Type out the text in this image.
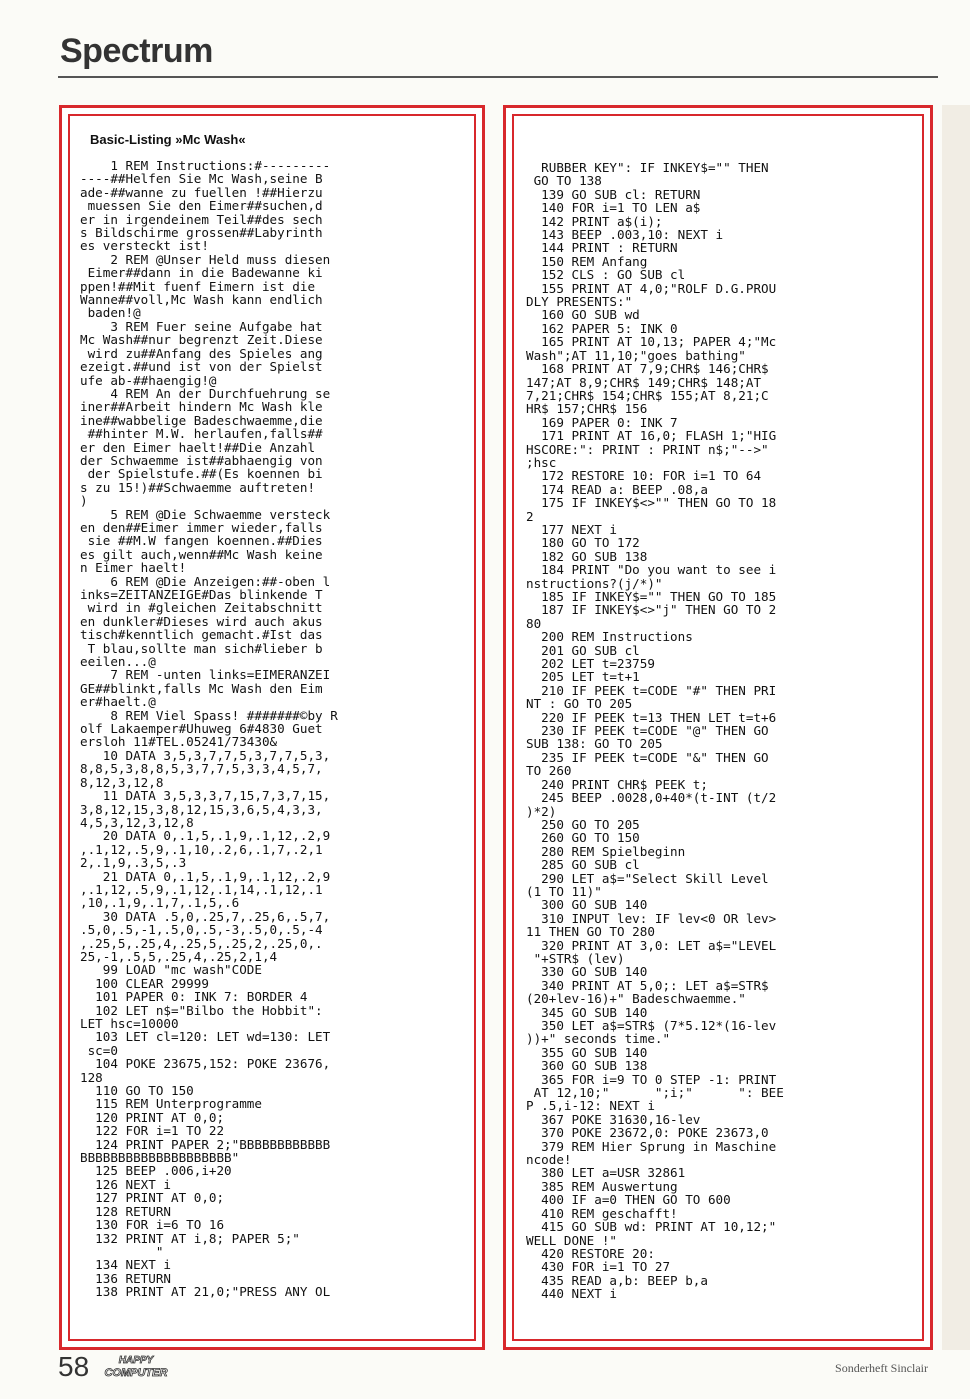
Spectrum
Basic-Listing »Mc Wash«
1 REM Instructions:#---------
----##Helfen Sie Mc Wash,seine B
ade-##wanne zu fuellen !##Hierzu
muessen Sie den Eimer##suchen,d
er in irgendeinem Teil##des sech
s Bildschirme grossen##Labyrinth
es versteckt ist!
2 REM @Unser Held muss diesen
Eimer##dann in die Badewanne ki
ppen!##Mit fuenf Eimern ist die
Wanne##voll,Mc Wash kann endlich
baden!@
3 REM Fuer seine Aufgabe hat
Mc Wash##nur begrenzt Zeit.Diese
wird zu##Anfang des Spieles ang
ezeigt.##und ist von der Spielst
ufe ab-##haengig!@
4 REM An der Durchfuehrung se
iner##Arbeit hindern Mc Wash kle
ine##wabbelige Badeschwaemme,die
##hinter M.W. herlaufen,falls##
er den Eimer haelt!##Die Anzahl
der Schwaemme ist##abhaengig von
der Spielstufe.##(Es koennen bi
s zu 15!)##Schwaemme auftreten!
)
5 REM @Die Schwaemme versteck
en den##Eimer immer wieder,falls
sie ##M.W fangen koennen.##Dies
es gilt auch,wenn##Mc Wash keine
n Eimer haelt!
6 REM @Die Anzeigen:##-oben l
inks=ZEITANZEIGE#Das blinkende T
wird in #gleichen Zeitabschnitt
en dunkler#Dieses wird auch akus
tisch#kenntlich gemacht.#Ist das
T blau,sollte man sich#lieber b
eeilen...@
7 REM -unten links=EIMERANZEI
GE##blinkt,falls Mc Wash den Eim
er#haelt.@
8 REM Viel Spass! #######©by R
olf Lakaemper#Uhuweg 6#4830 Guet
ersloh 11#TEL.05241/73430&
10 DATA 3,5,3,7,7,5,3,7,7,5,3,
8,8,5,3,8,8,5,3,7,7,5,3,3,4,5,7,
8,12,3,12,8
11 DATA 3,5,3,3,7,15,7,3,7,15,
3,8,12,15,3,8,12,15,3,6,5,4,3,3,
4,5,3,12,3,12,8
20 DATA 0,.1,5,.1,9,.1,12,.2,9
,.1,12,.5,9,.1,10,.2,6,.1,7,.2,1
2,.1,9,.3,5,.3
21 DATA 0,.1,5,.1,9,.1,12,.2,9
,.1,12,.5,9,.1,12,.1,14,.1,12,.1
,10,.1,9,.1,7,.1,5,.6
30 DATA .5,0,.25,7,.25,6,.5,7,
.5,0,.5,-1,.5,0,.5,-3,.5,0,.5,-4
,.25,5,.25,4,.25,5,.25,2,.25,0,.
25,-1,.5,5,.25,4,.25,2,1,4
99 LOAD "mc wash"CODE
100 CLEAR 29999
101 PAPER 0: INK 7: BORDER 4
102 LET n$="Bilbo the Hobbit":
LET hsc=10000
103 LET cl=120: LET wd=130: LET
sc=0
104 POKE 23675,152: POKE 23676,
128
110 GO TO 150
115 REM Unterprogramme
120 PRINT AT 0,0;
122 FOR i=1 TO 22
124 PRINT PAPER 2;"BBBBBBBBBBBB
BBBBBBBBBBBBBBBBBBBB"
125 BEEP .006,i+20
126 NEXT i
127 PRINT AT 0,0;
128 RETURN
130 FOR i=6 TO 16
132 PRINT AT i,8; PAPER 5;"
"
134 NEXT i
136 RETURN
138 PRINT AT 21,0;"PRESS ANY OL
RUBBER KEY": IF INKEY$="" THEN
GO TO 138
139 GO SUB cl: RETURN
140 FOR i=1 TO LEN a$
142 PRINT a$(i);
143 BEEP .003,10: NEXT i
144 PRINT : RETURN
150 REM Anfang
152 CLS : GO SUB cl
155 PRINT AT 4,0;"ROLF D.G.PROU
DLY PRESENTS:"
160 GO SUB wd
162 PAPER 5: INK 0
165 PRINT AT 10,13; PAPER 4;"Mc
Wash";AT 11,10;"goes bathing"
168 PRINT AT 7,9;CHR$ 146;CHR$
147;AT 8,9;CHR$ 149;CHR$ 148;AT
7,21;CHR$ 154;CHR$ 155;AT 8,21;C
HR$ 157;CHR$ 156
169 PAPER 0: INK 7
171 PRINT AT 16,0; FLASH 1;"HIG
HSCORE:": PRINT : PRINT n$;"-->"
;hsc
172 RESTORE 10: FOR i=1 TO 64
174 READ a: BEEP .08,a
175 IF INKEY$<>"" THEN GO TO 18
2
177 NEXT i
180 GO TO 172
182 GO SUB 138
184 PRINT "Do you want to see i
nstructions?(j/*)"
185 IF INKEY$="" THEN GO TO 185
187 IF INKEY$<>"j" THEN GO TO 2
80
200 REM Instructions
201 GO SUB cl
202 LET t=23759
205 LET t=t+1
210 IF PEEK t=CODE "#" THEN PRI
NT : GO TO 205
220 IF PEEK t=13 THEN LET t=t+6
230 IF PEEK t=CODE "@" THEN GO
SUB 138: GO TO 205
235 IF PEEK t=CODE "&" THEN GO
TO 260
240 PRINT CHR$ PEEK t;
245 BEEP .0028,0+40*(t-INT (t/2
)*2)
250 GO TO 205
260 GO TO 150
280 REM Spielbeginn
285 GO SUB cl
290 LET a$="Select Skill Level
(1 TO 11)"
300 GO SUB 140
310 INPUT lev: IF lev<0 OR lev>
11 THEN GO TO 280
320 PRINT AT 3,0: LET a$="LEVEL
"+STR$ (lev)
330 GO SUB 140
340 PRINT AT 5,0;: LET a$=STR$
(20+lev-16)+" Badeschwaemme."
345 GO SUB 140
350 LET a$=STR$ (7*5.12*(16-lev
))+" seconds time."
355 GO SUB 140
360 GO SUB 138
365 FOR i=9 TO 0 STEP -1: PRINT
AT 12,10;"      ";i;"      ": BEE
P .5,i-12: NEXT i
367 POKE 31630,16-lev
370 POKE 23672,0: POKE 23673,0
379 REM Hier Sprung in Maschine
ncode!
380 LET a=USR 32861
385 REM Auswertung
400 IF a=0 THEN GO TO 600
410 REM geschafft!
415 GO SUB wd: PRINT AT 10,12;"
WELL DONE !"
420 RESTORE 20:
430 FOR i=1 TO 27
435 READ a,b: BEEP b,a
440 NEXT i
58	HAPPY
COMPUTER	Sonderheft Sinclair
